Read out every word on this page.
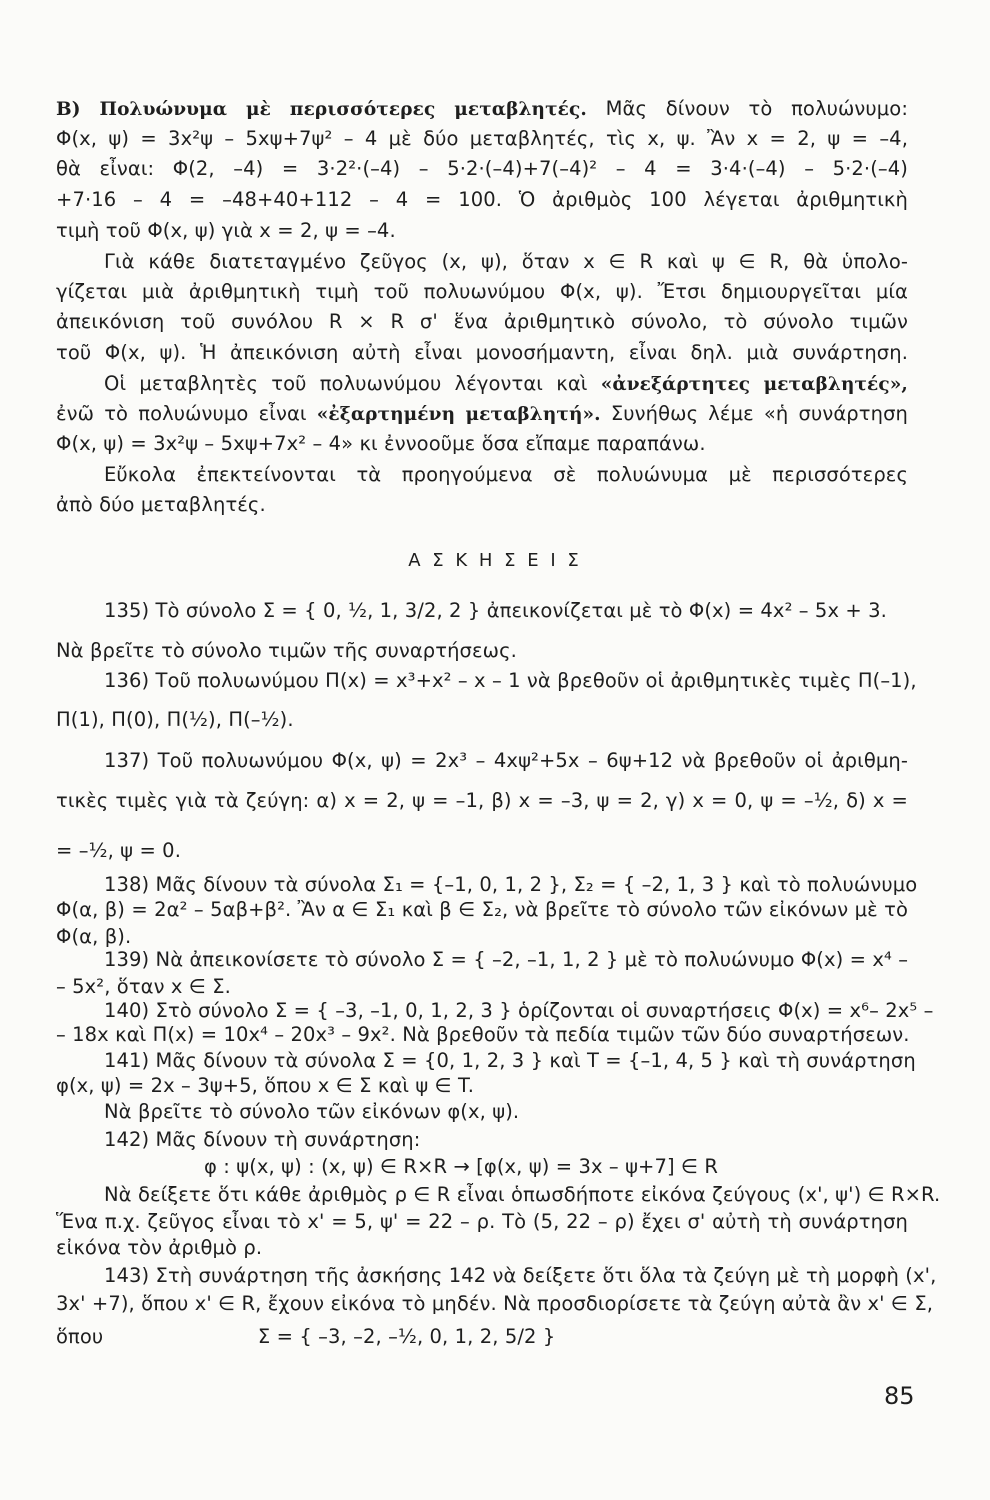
Β) Πολυώνυμα μὲ περισσότερες μεταβλητές. Μᾶς δίνουν τὸ πολυώνυμο:
Φ(x, ψ) = 3x²ψ – 5xψ+7ψ² – 4 μὲ δύο μεταβλητές, τὶς x, ψ. Ἂν x = 2, ψ = –4,
θὰ εἶναι: Φ(2, –4) = 3·2²·(–4) – 5·2·(–4)+7(–4)² – 4 = 3·4·(–4) – 5·2·(–4)
+7·16 – 4 = –48+40+112 – 4 = 100. Ὁ ἀριθμὸς 100 λέγεται ἀριθμητικὴ
τιμὴ τοῦ Φ(x, ψ) γιὰ x = 2, ψ = –4.
Γιὰ κάθε διατεταγμένο ζεῦγος (x, ψ), ὅταν x ∈ R καὶ ψ ∈ R, θὰ ὑπολο-
γίζεται μιὰ ἀριθμητικὴ τιμὴ τοῦ πολυωνύμου Φ(x, ψ). Ἔτσι δημιουργεῖται μία
ἀπεικόνιση τοῦ συνόλου R × R σ' ἕνα ἀριθμητικὸ σύνολο, τὸ σύνολο τιμῶν
τοῦ Φ(x, ψ). Ἡ ἀπεικόνιση αὐτὴ εἶναι μονοσήμαντη, εἶναι δηλ. μιὰ συνάρτηση.
Οἱ μεταβλητὲς τοῦ πολυωνύμου λέγονται καὶ «ἀνεξάρτητες μεταβλητές»,
ἐνῶ τὸ πολυώνυμο εἶναι «ἐξαρτημένη μεταβλητή». Συνήθως λέμε «ἡ συνάρτηση
Φ(x, ψ) = 3x²ψ – 5xψ+7x² – 4» κι ἐννοοῦμε ὅσα εἴπαμε παραπάνω.
Εὔκολα ἐπεκτείνονται τὰ προηγούμενα σὲ πολυώνυμα μὲ περισσότερες
ἀπὸ δύο μεταβλητές.
Α Σ Κ Η Σ Ε Ι Σ
135) Τὸ σύνολο Σ = { 0, ½, 1, 3/2, 2 } ἀπεικονίζεται μὲ τὸ Φ(x) = 4x² – 5x + 3.
Νὰ βρεῖτε τὸ σύνολο τιμῶν τῆς συναρτήσεως.
136) Τοῦ πολυωνύμου Π(x) = x³+x² – x – 1 νὰ βρεθοῦν οἱ ἀριθμητικὲς τιμὲς Π(–1),
Π(1), Π(0), Π(½), Π(–½).
137) Τοῦ πολυωνύμου Φ(x, ψ) = 2x³ – 4xψ²+5x – 6ψ+12 νὰ βρεθοῦν οἱ ἀριθμη-
τικὲς τιμὲς γιὰ τὰ ζεύγη: α) x = 2, ψ = –1, β) x = –3, ψ = 2, γ) x = 0, ψ = –½, δ) x =
= –½, ψ = 0.
138) Μᾶς δίνουν τὰ σύνολα Σ₁ = {–1, 0, 1, 2 }, Σ₂ = { –2, 1, 3 } καὶ τὸ πολυώνυμο
Φ(α, β) = 2α² – 5αβ+β². Ἂν α ∈ Σ₁ καὶ β ∈ Σ₂, νὰ βρεῖτε τὸ σύνολο τῶν εἰκόνων μὲ τὸ
Φ(α, β).
139) Νὰ ἀπεικονίσετε τὸ σύνολο Σ = { –2, –1, 1, 2 } μὲ τὸ πολυώνυμο Φ(x) = x⁴ –
– 5x², ὅταν x ∈ Σ.
140) Στὸ σύνολο Σ = { –3, –1, 0, 1, 2, 3 } ὁρίζονται οἱ συναρτήσεις Φ(x) = x⁶– 2x⁵ –
– 18x καὶ Π(x) = 10x⁴ – 20x³ – 9x². Νὰ βρεθοῦν τὰ πεδία τιμῶν τῶν δύο συναρτήσεων.
141) Μᾶς δίνουν τὰ σύνολα Σ = {0, 1, 2, 3 } καὶ T = {–1, 4, 5 } καὶ τὴ συνάρτηση
φ(x, ψ) = 2x – 3ψ+5, ὅπου x ∈ Σ καὶ ψ ∈ T.
Νὰ βρεῖτε τὸ σύνολο τῶν εἰκόνων φ(x, ψ).
142) Μᾶς δίνουν τὴ συνάρτηση:
φ : ψ(x, ψ) : (x, ψ) ∈ R×R → [φ(x, ψ) = 3x – ψ+7] ∈ R
Νὰ δείξετε ὅτι κάθε ἀριθμὸς ρ ∈ R εἶναι ὁπωσδήποτε εἰκόνα ζεύγους (x', ψ') ∈ R×R.
Ἕνα π.χ. ζεῦγος εἶναι τὸ x' = 5, ψ' = 22 – ρ. Τὸ (5, 22 – ρ) ἔχει σ' αὐτὴ τὴ συνάρτηση
εἰκόνα τὸν ἀριθμὸ ρ.
143) Στὴ συνάρτηση τῆς ἀσκήσης 142 νὰ δείξετε ὅτι ὅλα τὰ ζεύγη μὲ τὴ μορφὴ (x',
3x' +7), ὅπου x' ∈ R, ἔχουν εἰκόνα τὸ μηδέν. Νὰ προσδιορίσετε τὰ ζεύγη αὐτὰ ἂν x' ∈ Σ,
ὅπου	Σ = { –3, –2, –½, 0, 1, 2, 5/2 }
85
